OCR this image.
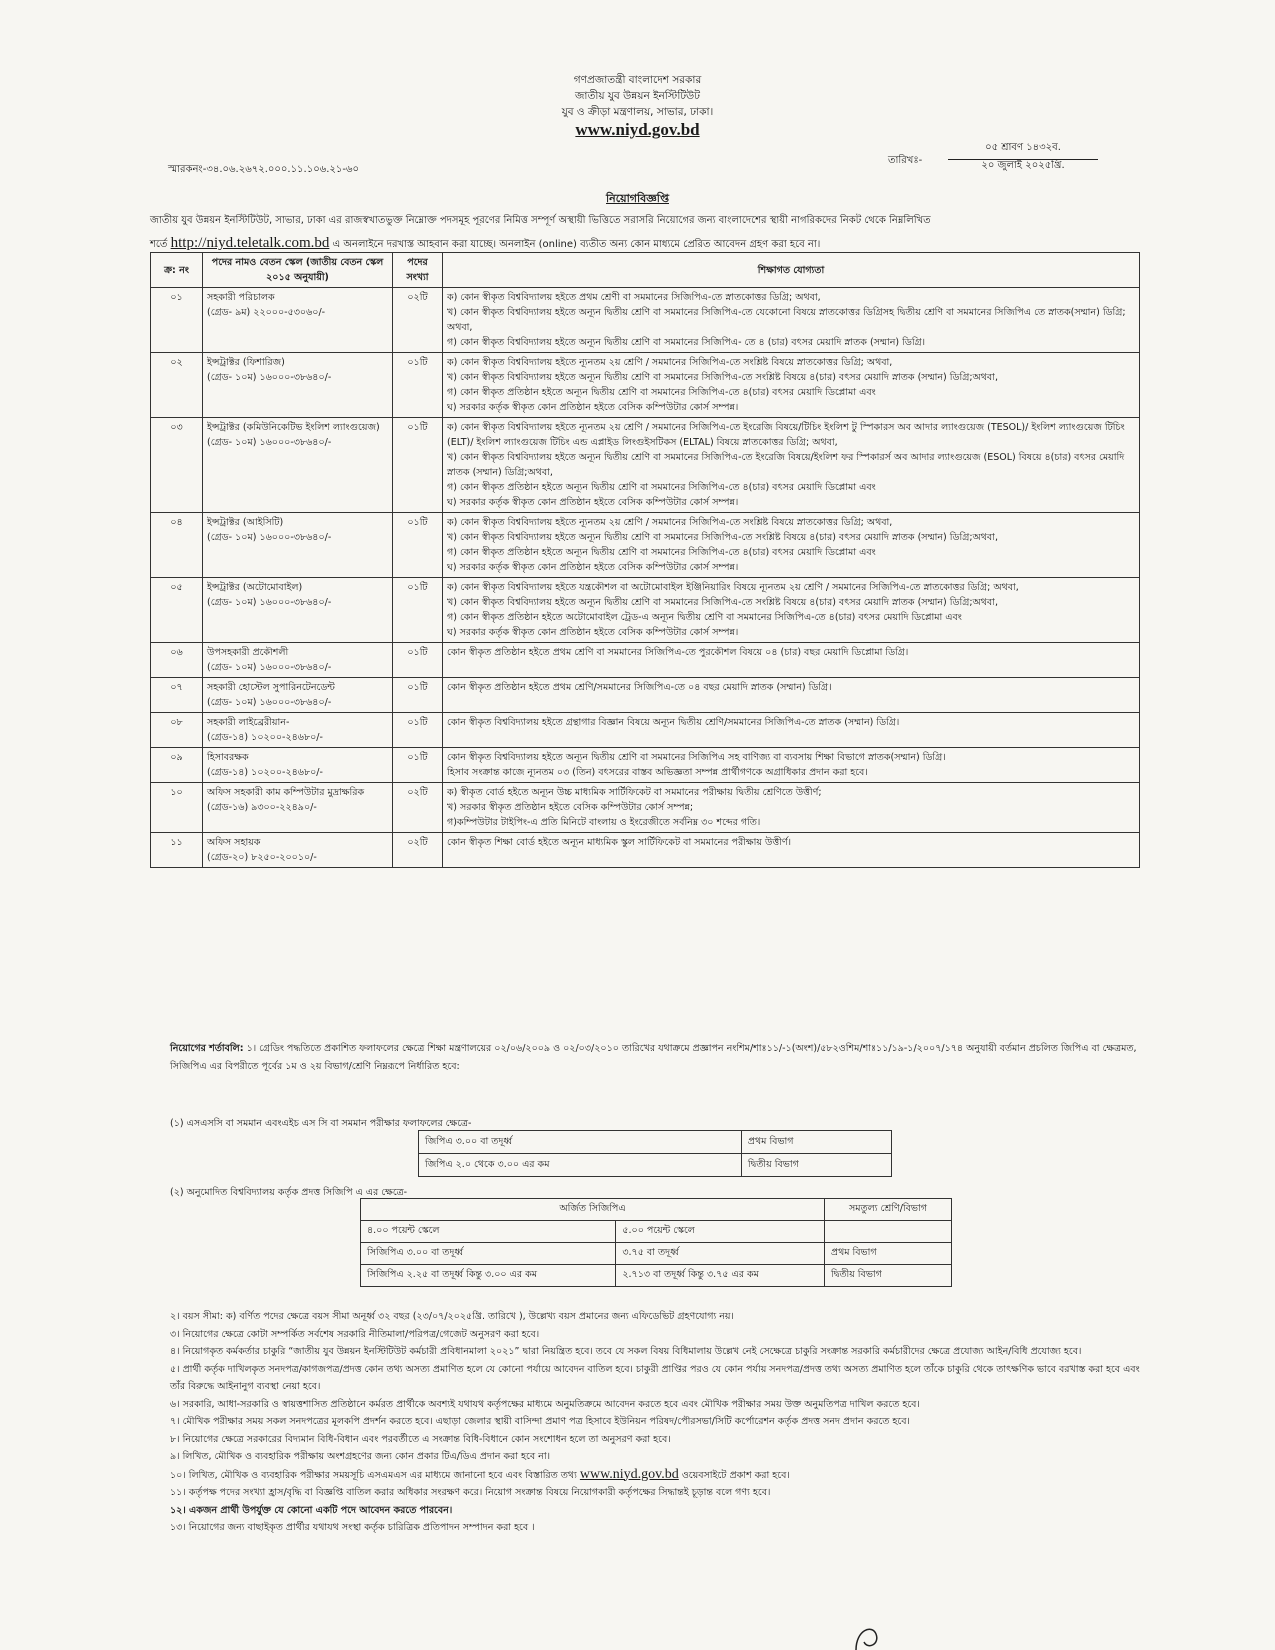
গণপ্রজাতন্ত্রী বাংলাদেশ সরকার
জাতীয় যুব উন্নয়ন ইনস্টিটিউট
যুব ও ক্রীড়া মন্ত্রণালয়, সাভার, ঢাকা।
www.niyd.gov.bd
স্মারকনং-৩৪.০৬.২৬৭২.০০০.১১.১০৬.২১-৬০
তারিখঃ-
০৫ শ্রাবণ ১৪৩২ব.
২০ জুলাই ২০২৫খ্রি.
নিয়োগবিজ্ঞপ্তি
জাতীয় যুব উন্নয়ন ইনস্টিটিউট, সাভার, ঢাকা এর রাজস্বখাতভুক্ত নিম্নোক্ত পদসমূহ পূরণের নিমিত্ত সম্পূর্ণ অস্থায়ী ভিত্তিতে সরাসরি নিয়োগের জন্য বাংলাদেশের স্থায়ী নাগরিকদের নিকট থেকে নিম্নলিখিত
শর্তে http://niyd.teletalk.com.bd এ অনলাইনে দরখাস্ত আহবান করা যাচ্ছে। অনলাইন (online) ব্যতীত অন্য কোন মাধ্যমে প্রেরিত আবেদন গ্রহণ করা হবে না।
ক্র: নং	পদের নামও বেতন স্কেল (জাতীয় বেতন স্কেল ২০১৫ অনুযায়ী)	পদের সংখ্যা	শিক্ষাগত যোগ্যতা
০১	সহকারী পরিচালক
(গ্রেড- ৯ম) ২২০০০-৫৩০৬০/-	০২টি	ক) কোন স্বীকৃত বিশ্ববিদ্যালয় হইতে প্রথম শ্রেণী বা সমমানের সিজিপিএ-তে স্নাতকোত্তর ডিগ্রি; অথবা,
খ) কোন স্বীকৃত বিশ্ববিদ্যালয় হইতে অন্যূন দ্বিতীয় শ্রেণি বা সমমানের সিজিপিএ-তে যেকোনো বিষয়ে স্নাতকোত্তর ডিগ্রিসহ দ্বিতীয় শ্রেণি বা সমমানের সিজিপিএ তে স্নাতক(সম্মান) ডিগ্রি; অথবা,
গ) কোন স্বীকৃত বিশ্ববিদ্যালয় হইতে অন্যূন দ্বিতীয় শ্রেণি বা সমমানের সিজিপিএ- তে ৪ (চার) বৎসর মেয়াদি স্নাতক (সম্মান) ডিগ্রি।

০২	ইন্সট্রাক্টর (ফিশারিজ)
(গ্রেড- ১০ম) ১৬০০০-৩৮৬৪০/-	০১টি	ক) কোন স্বীকৃত বিশ্ববিদ্যালয় হইতে ন্যূনতম ২য় শ্রেণি / সমমানের সিজিপিএ-তে সংশ্লিষ্ট বিষয়ে স্নাতকোত্তর ডিগ্রি; অথবা,
খ) কোন স্বীকৃত বিশ্ববিদ্যালয় হইতে অন্যূন দ্বিতীয় শ্রেণি বা সমমানের সিজিপিএ-তে সংশ্লিষ্ট বিষয়ে ৪(চার) বৎসর মেয়াদি স্নাতক (সম্মান) ডিগ্রি;অথবা,
গ) কোন স্বীকৃত প্রতিষ্ঠান হইতে অন্যূন দ্বিতীয় শ্রেণি বা সমমানের সিজিপিএ-তে ৪(চার) বৎসর মেয়াদি ডিপ্লোমা এবং
ঘ) সরকার কর্তৃক স্বীকৃত কোন প্রতিষ্ঠান হইতে বেসিক কম্পিউটার কোর্স সম্পন্ন।

০৩	ইন্সট্রাক্টর (কমিউনিকেটিভ ইংলিশ ল্যাংগুয়েজ)
(গ্রেড- ১০ম) ১৬০০০-৩৮৬৪০/-	০১টি	ক) কোন স্বীকৃত বিশ্ববিদ্যালয় হইতে ন্যূনতম ২য় শ্রেণি / সমমানের সিজিপিএ-তে ইংরেজি বিষয়ে/টিচিং ইংলিশ টু স্পিকারস অব আদার ল্যাংগুয়েজ (TESOL)/ ইংলিশ ল্যাংগুয়েজ টিচিং (ELT)/ ইংলিশ ল্যাংগুয়েজ টিচিং এন্ড এপ্লাইড লিংগুইসটিকস (ELTAL) বিষয়ে স্নাতকোত্তর ডিগ্রি; অথবা,
খ) কোন স্বীকৃত বিশ্ববিদ্যালয় হইতে অন্যূন দ্বিতীয় শ্রেণি বা সমমানের সিজিপিএ-তে ইংরেজি বিষয়ে/ইংলিশ ফর স্পিকারর্স অব আদার ল্যাংগুয়েজ (ESOL) বিষয়ে ৪(চার) বৎসর মেয়াদি স্নাতক (সম্মান) ডিগ্রি;অথবা,
গ) কোন স্বীকৃত প্রতিষ্ঠান হইতে অন্যূন দ্বিতীয় শ্রেণি বা সমমানের সিজিপিএ-তে ৪(চার) বৎসর মেয়াদি ডিপ্লোমা এবং
ঘ) সরকার কর্তৃক স্বীকৃত কোন প্রতিষ্ঠান হইতে বেসিক কম্পিউটার কোর্স সম্পন্ন।

০৪	ইন্সট্রাক্টর (আইসিটি)
(গ্রেড- ১০ম) ১৬০০০-৩৮৬৪০/-	০১টি	ক) কোন স্বীকৃত বিশ্ববিদ্যালয় হইতে ন্যূনতম ২য় শ্রেণি / সমমানের সিজিপিএ-তে সংশ্লিষ্ট বিষয়ে স্নাতকোত্তর ডিগ্রি; অথবা,
খ) কোন স্বীকৃত বিশ্ববিদ্যালয় হইতে অন্যূন দ্বিতীয় শ্রেণি বা সমমানের সিজিপিএ-তে সংশ্লিষ্ট বিষয়ে ৪(চার) বৎসর মেয়াদি স্নাতক (সম্মান) ডিগ্রি;অথবা,
গ) কোন স্বীকৃত প্রতিষ্ঠান হইতে অন্যূন দ্বিতীয় শ্রেণি বা সমমানের সিজিপিএ-তে ৪(চার) বৎসর মেয়াদি ডিপ্লোমা এবং
ঘ) সরকার কর্তৃক স্বীকৃত কোন প্রতিষ্ঠান হইতে বেসিক কম্পিউটার কোর্স সম্পন্ন।

০৫	ইন্সট্রাক্টর (অটোমোবাইল)
(গ্রেড- ১০ম) ১৬০০০-৩৮৬৪০/-	০১টি	ক) কোন স্বীকৃত বিশ্ববিদ্যালয় হইতে যন্ত্রকৌশল বা অটোমোবাইল ইঞ্জিনিয়ারিং বিষয়ে ন্যূনতম ২য় শ্রেণি / সমমানের সিজিপিএ-তে স্নাতকোত্তর ডিগ্রি; অথবা,
খ) কোন স্বীকৃত বিশ্ববিদ্যালয় হইতে অন্যূন দ্বিতীয় শ্রেণি বা সমমানের সিজিপিএ-তে সংশ্লিষ্ট বিষয়ে ৪(চার) বৎসর মেয়াদি স্নাতক (সম্মান) ডিগ্রি;অথবা,
গ) কোন স্বীকৃত প্রতিষ্ঠান হইতে অটোমোবাইল ট্রেড-এ অন্যূন দ্বিতীয় শ্রেণি বা সমমানের সিজিপিএ-তে ৪(চার) বৎসর মেয়াদি ডিপ্লোমা এবং
ঘ) সরকার কর্তৃক স্বীকৃত কোন প্রতিষ্ঠান হইতে বেসিক কম্পিউটার কোর্স সম্পন্ন।

০৬	উপসহকারী প্রকৌশলী
(গ্রেড- ১০ম) ১৬০০০-৩৮৬৪০/-	০১টি	কোন স্বীকৃত প্রতিষ্ঠান হইতে প্রথম শ্রেণি বা সমমানের সিজিপিএ-তে পুরকৌশল বিষয়ে ০৪ (চার) বছর মেয়াদি ডিপ্লোমা ডিগ্রি।

০৭	সহকারী হোস্টেল সুপারিনটেনডেন্ট
(গ্রেড- ১০ম) ১৬০০০-৩৮৬৪০/-	০১টি	কোন স্বীকৃত প্রতিষ্ঠান হইতে প্রথম শ্রেণি/সমমানের সিজিপিএ-তে ০৪ বছর মেয়াদি স্নাতক (সম্মান) ডিগ্রি।

০৮	সহকারী লাইব্রেরীয়ান-
(গ্রেড-১৪) ১০২০০-২৪৬৮০/-	০১টি	কোন স্বীকৃত বিশ্ববিদ্যালয় হইতে গ্রন্থাগার বিজ্ঞান বিষয়ে অন্যূন দ্বিতীয় শ্রেণি/সমমানের সিজিপিএ-তে স্নাতক (সম্মান) ডিগ্রি।

০৯	হিসাবরক্ষক
(গ্রেড-১৪) ১০২০০-২৪৬৮০/-	০১টি	কোন স্বীকৃত বিশ্ববিদ্যালয় হইতে অন্যূন দ্বিতীয় শ্রেণি বা সমমানের সিজিপিএ সহ বাণিজ্য বা ব্যবসায় শিক্ষা বিভাগে স্নাতক(সম্মান) ডিগ্রি।
হিসাব সংক্রান্ত কাজে ন্যূনতম ০৩ (তিন) বৎসরের বাস্তব অভিজ্ঞতা সম্পন্ন প্রার্থীগণকে অগ্রাধিকার প্রদান করা হবে।

১০	অফিস সহকারী কাম কম্পিউটার মুদ্রাক্ষরিক
(গ্রেড-১৬) ৯৩০০-২২৪৯০/-	০২টি	ক) স্বীকৃত বোর্ড হইতে অন্যূন উচ্চ মাধ্যমিক সার্টিফিকেট বা সমমানের পরীক্ষায় দ্বিতীয় শ্রেণিতে উত্তীর্ণ;
খ) সরকার স্বীকৃত প্রতিষ্ঠান হইতে বেসিক কম্পিউটার কোর্স সম্পন্ন;
গ)কম্পিউটার টাইপিং-এ প্রতি মিনিটে বাংলায় ও ইংরেজীতে সর্বনিম্ন ৩০ শব্দের গতি।

১১	অফিস সহায়ক
(গ্রেড-২০) ৮২৫০-২০০১০/-	০২টি	কোন স্বীকৃত শিক্ষা বোর্ড হইতে অন্যূন মাধ্যমিক স্কুল সার্টিফিকেট বা সমমানের পরীক্ষায় উত্তীর্ণ।
নিয়োগের শর্তাবলি: ১। গ্রেডিং পদ্ধতিতে প্রকাশিত ফলাফলের ক্ষেত্রে শিক্ষা মন্ত্রণালয়ের ০২/০৬/২০০৯ ও ০২/০৩/২০১০ তারিখের যথাক্রমে প্রজ্ঞাপন নংশিম/শাঃ১১/-১(অংশ)/৫৮২ওশিম/শাঃ১১/১৯-১/২০০৭/১৭৪ অনুযায়ী বর্তমান প্রচলিত জিপিএ বা ক্ষেত্রমত, সিজিপিএ এর বিপরীতে পূর্বের ১ম ও ২য় বিভাগ/শ্রেণি নিম্নরূপে নির্ধারিত হবে:
(১) এসএসসি বা সমমান এবংএইচ এস সি বা সমমান পরীক্ষার ফলাফলের ক্ষেত্রে-
জিপিএ ৩.০০ বা তদূর্ধ্ব	প্রথম বিভাগ
জিপিএ ২.০ থেকে ৩.০০ এর কম	দ্বিতীয় বিভাগ
(২) অনুমোদিত বিশ্ববিদ্যালয় কর্তৃক প্রদত্ত সিজিপি এ এর ক্ষেত্রে-
অর্জিত সিজিপিএ		সমতুল্য শ্রেণি/বিভাগ
৪.০০ পয়েন্ট স্কেলে	৫.০০ পয়েন্ট স্কেলে	
সিজিপিএ ৩.০০ বা তদূর্ধ্ব	৩.৭৫ বা তদূর্ধ্ব	প্রথম বিভাগ
সিজিপিএ ২.২৫ বা তদূর্ধ্ব কিন্তু ৩.০০ এর কম	২.৭১৩ বা তদূর্ধ্ব কিন্তু ৩.৭৫ এর কম	দ্বিতীয় বিভাগ
২। বয়স সীমা: ক) বর্ণিত পদের ক্ষেত্রে বয়স সীমা অনূর্ধ্ব ৩২ বছর (২৩/০৭/২০২৫খ্রি. তারিখে ), উল্লেখ্য বয়স প্রমানের জন্য এফিডেভিট গ্রহণযোগ্য নয়।
৩। নিয়োগের ক্ষেত্রে কোটা সম্পর্কিত সর্বশেষ সরকারি নীতিমালা/পরিপত্র/গেজেট অনুসরণ করা হবে।
৪। নিয়োগকৃত কর্মকর্তার চাকুরি “জাতীয় যুব উন্নয়ন ইনস্টিটিউট কর্মচারী প্রবিধানমালা ২০২১” দ্বারা নিয়ন্ত্রিত হবে। তবে যে সকল বিষয় বিধিমালায় উল্লেখ নেই সেক্ষেত্রে চাকুরি সংক্রান্ত সরকারি কর্মচারীদের ক্ষেত্রে প্রযোজ্য আইন/বিধি প্রযোজ্য হবে।
৫। প্রার্থী কর্তৃক দাখিলকৃত সনদপত্র/কাগজপত্র/প্রদত্ত কোন তথ্য অসত্য প্রমাণিত হলে যে কোনো পর্যায়ে আবেদন বাতিল হবে। চাকুরী প্রাপ্তির পরও যে কোন পর্যায় সনদপত্র/প্রদত্ত তথ্য অসত্য প্রমাণিত হলে তাঁকে চাকুরি থেকে তাৎক্ষণিক ভাবে বরখাস্ত করা হবে এবং তাঁর বিরুদ্ধে আইনানুগ ব্যবস্থা নেয়া হবে।
৬। সরকারি, আধা-সরকারি ও স্বায়ত্তশাসিত প্রতিষ্ঠানে কর্মরত প্রার্থীকে অবশ্যই যথাযথ কর্তৃপক্ষের মাধ্যমে অনুমতিক্রমে আবেদন করতে হবে এবং মৌখিক পরীক্ষার সময় উক্ত অনুমতিপত্র দাখিল করতে হবে।
৭। মৌখিক পরীক্ষার সময় সকল সনদপত্রের মূলকপি প্রদর্শন করতে হবে। এছাড়া জেলার স্থায়ী বাসিন্দা প্রমাণ পত্র হিসাবে ইউনিয়ন পরিষদ/পৌরসভা/সিটি কর্পোরেশন কর্তৃক প্রদত্ত সনদ প্রদান করতে হবে।
৮। নিয়োগের ক্ষেত্রে সরকারের বিদ্যমান বিধি-বিধান এবং পরবর্তীতে এ সংক্রান্ত বিধি-বিধানে কোন সংশোধন হলে তা অনুসরণ করা হবে।
৯। লিখিত, মৌখিক ও ব্যবহারিক পরীক্ষায় অংশগ্রহণের জন্য কোন প্রকার টিএ/ডিএ প্রদান করা হবে না।
১০। লিখিত, মৌখিক ও ব্যবহারিক পরীক্ষার সময়সূচি এসএমএস এর মাধ্যমে জানানো হবে এবং বিস্তারিত তথ্য www.niyd.gov.bd ওয়েবসাইটে প্রকাশ করা হবে।
১১। কর্তৃপক্ষ পদের সংখ্যা হ্রাস/বৃদ্ধি বা বিজ্ঞপ্তি বাতিল করার অধিকার সংরক্ষণ করে। নিয়োগ সংক্রান্ত বিষয়ে নিয়োগকারী কর্তৃপক্ষের সিদ্ধান্তই চূড়ান্ত বলে গণ্য হবে।
১২। একজন প্রার্থী উপর্যুক্ত যে কোনো একটি পদে আবেদন করতে পারবেন।
১৩। নিয়োগের জন্য বাছাইকৃত প্রার্থীর যথাযথ সংস্থা কর্তৃক চারিত্রিক প্রতিপাদন সম্পাদন করা হবে ।
